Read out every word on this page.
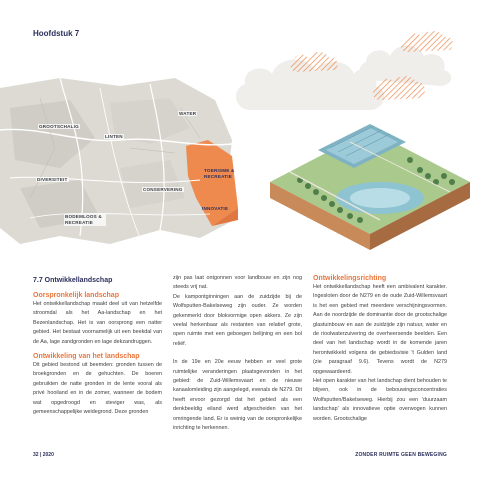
Hoofdstuk 7
GROOTSCHALIG
WATER
LINTEN
DIVERSITEIT
TOERISME & RECREATIE
CONSERVERING
INNOVATIE
BODEMLOOS & RECREATIE
7.7 Ontwikkellandschap
Oorspronkelijk landschap

Het ontwikkellandschap maakt deel uit van hetzelfde stroomdal als het Aa-landschap en het Bezenlandschap. Het is van oorsprong een natter gebied. Het bestaat voornamelijk uit een beekdal van de Aa, lage zandgronden en lage dekzandruggen.

Ontwikkeling van het landschap

Dit gebied bestond uit beemden: gronden tussen de broekgronden en de gehuchten. De boeren gebruikten de natte gronden in de lente vooral als privé hooiland en in de zomer, wanneer de bodem wat opgedroogd en steviger was, als gemeenschappelijke weidegrond. Deze gronden

zijn pas laat ontgonnen voor landbouw en zijn nog steeds vrij nat.

De kampontginningen aan de zuidzijde bij de Wolfsputten-Bakelseweg zijn ouder. Ze worden gekenmerkt door blokvormige open akkers. Ze zijn veelal herkenbaar als restanten van relatief grote, open ruimte met een geboegen belijning en een bol reliëf.

In de 19e en 20e eeuw hebben er veel grote ruimtelijke veranderingen plaatsgevonden in het gebied: de Zuid-Willemsvaart en de nieuwe kanaalomleiding zijn aangelegd, evenals de N279. Dit heeft ervoor gezorgd dat het gebied als een denkbeeldig eiland werd afgescheiden van het omringende land. Er is weinig van de oorspronkelijke inrichting te herkennen.

Ontwikkelingsrichting

Het ontwikkellandschap heeft een ambivalent karakter. Ingesloten door de N279 en de oude Zuid-Willemsvaart is het een gebied met meerdere verschijningsvormen. Aan de noordzijde de dominantie door de grootschalige glastuinbouw en aan de zuidzijde zijn natuur, water en de rioolwaterzuivering de overheersende beelden. Een deel van het landschap wordt in de komende jaren herontwikkeld volgens de gebiedsvisie 't Gulden land (zie paragraaf 9.6). Tevens wordt de N279 opgewaardeerd.

Het open karakter van het landschap dient behouden te blijven, ook in de bebouwingsconcentraties Wolfsputten/Bakelseweg. Hierbij zou een 'duurzaam landschap' als innovatieve optie overwogen kunnen worden. Grootschalige

32 | 2020	ZONDER RUIMTE GEEN BEWEGING
